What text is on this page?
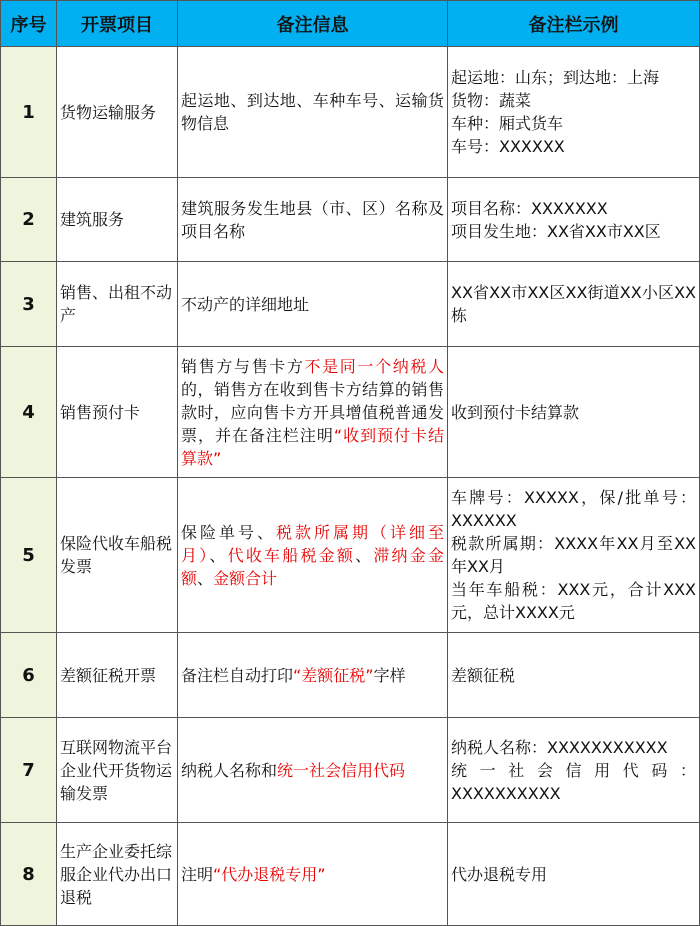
序号	开票项目	备注信息	备注栏示例
1	货物运输服务	起运地、到达地、车种车号、运输货物信息	起运地：山东；到达地：上海
货物：蔬菜
车种：厢式货车
车号：XXXXXX

2	建筑服务	建筑服务发生地县（市、区）名称及项目名称	项目名称：XXXXXXX
项目发生地：XX省XX市XX区

3	销售、出租不动产	不动产的详细地址	XX省XX市XX区XX街道XX小区XX栋

4	销售预付卡	销售方与售卡方不是同一个纳税人的，销售方在收到售卡方结算的销售款时，应向售卡方开具增值税普通发票，并在备注栏注明“收到预付卡结算款”	收到预付卡结算款

5	保险代收车船税发票	保险单号、税款所属期（详细至月）、代收车船税金额、滞纳金金额、金额合计	车牌号：XXXXX，保/批单号：XXXXXX
税款所属期：XXXX年XX月至XX年XX月
当年车船税：XXX元，合计XXX元，总计XXXX元

6	差额征税开票	备注栏自动打印“差额征税”字样	差额征税

7	互联网物流平台企业代开货物运输发票	纳税人名称和统一社会信用代码	纳税人名称：XXXXXXXXXXX
统一社会信用代码：XXXXXXXXXX

8	生产企业委托综服企业代办出口退税	注明“代办退税专用”	代办退税专用
